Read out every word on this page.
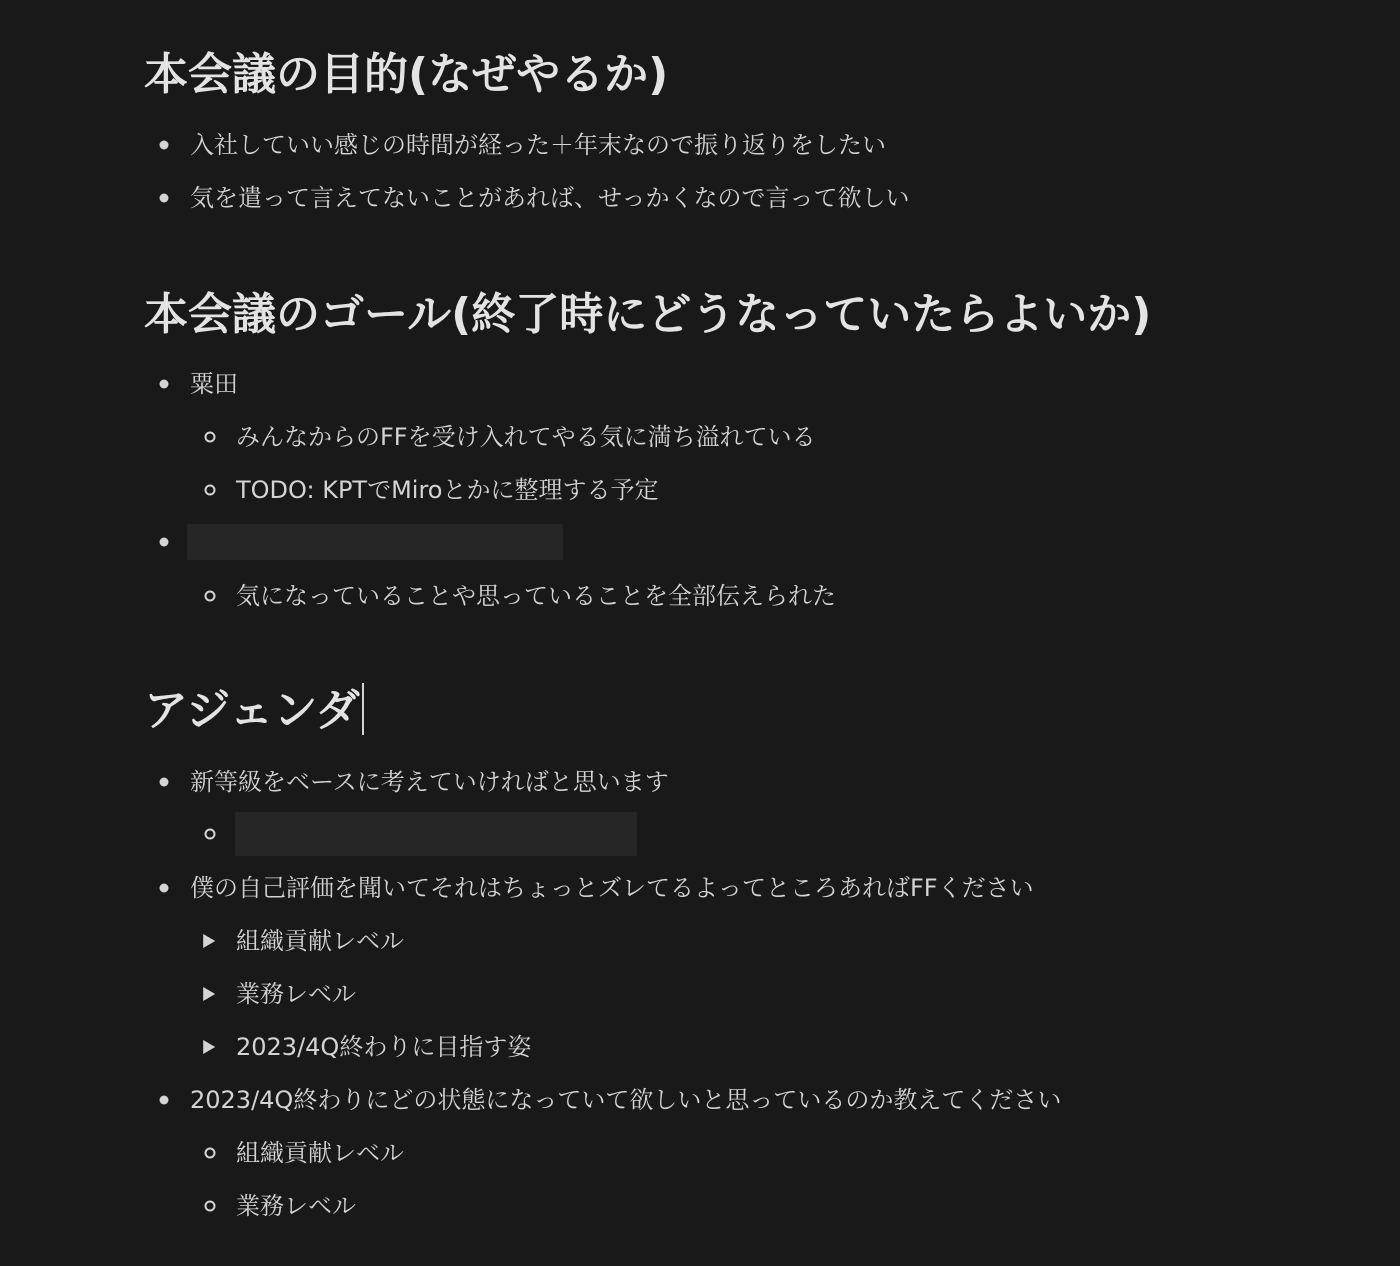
本会議の目的(なぜやるか)
入社していい感じの時間が経った＋年末なので振り返りをしたい
気を遣って言えてないことがあれば、せっかくなので言って欲しい
本会議のゴール(終了時にどうなっていたらよいか)
粟田
みんなからのFFを受け入れてやる気に満ち溢れている
TODO: KPTでMiroとかに整理する予定
気になっていることや思っていることを全部伝えられた
アジェンダ
新等級をベースに考えていければと思います
僕の自己評価を聞いてそれはちょっとズレてるよってところあればFFください
組織貢献レベル
業務レベル
2023/4Q終わりに目指す姿
2023/4Q終わりにどの状態になっていて欲しいと思っているのか教えてください
組織貢献レベル
業務レベル
